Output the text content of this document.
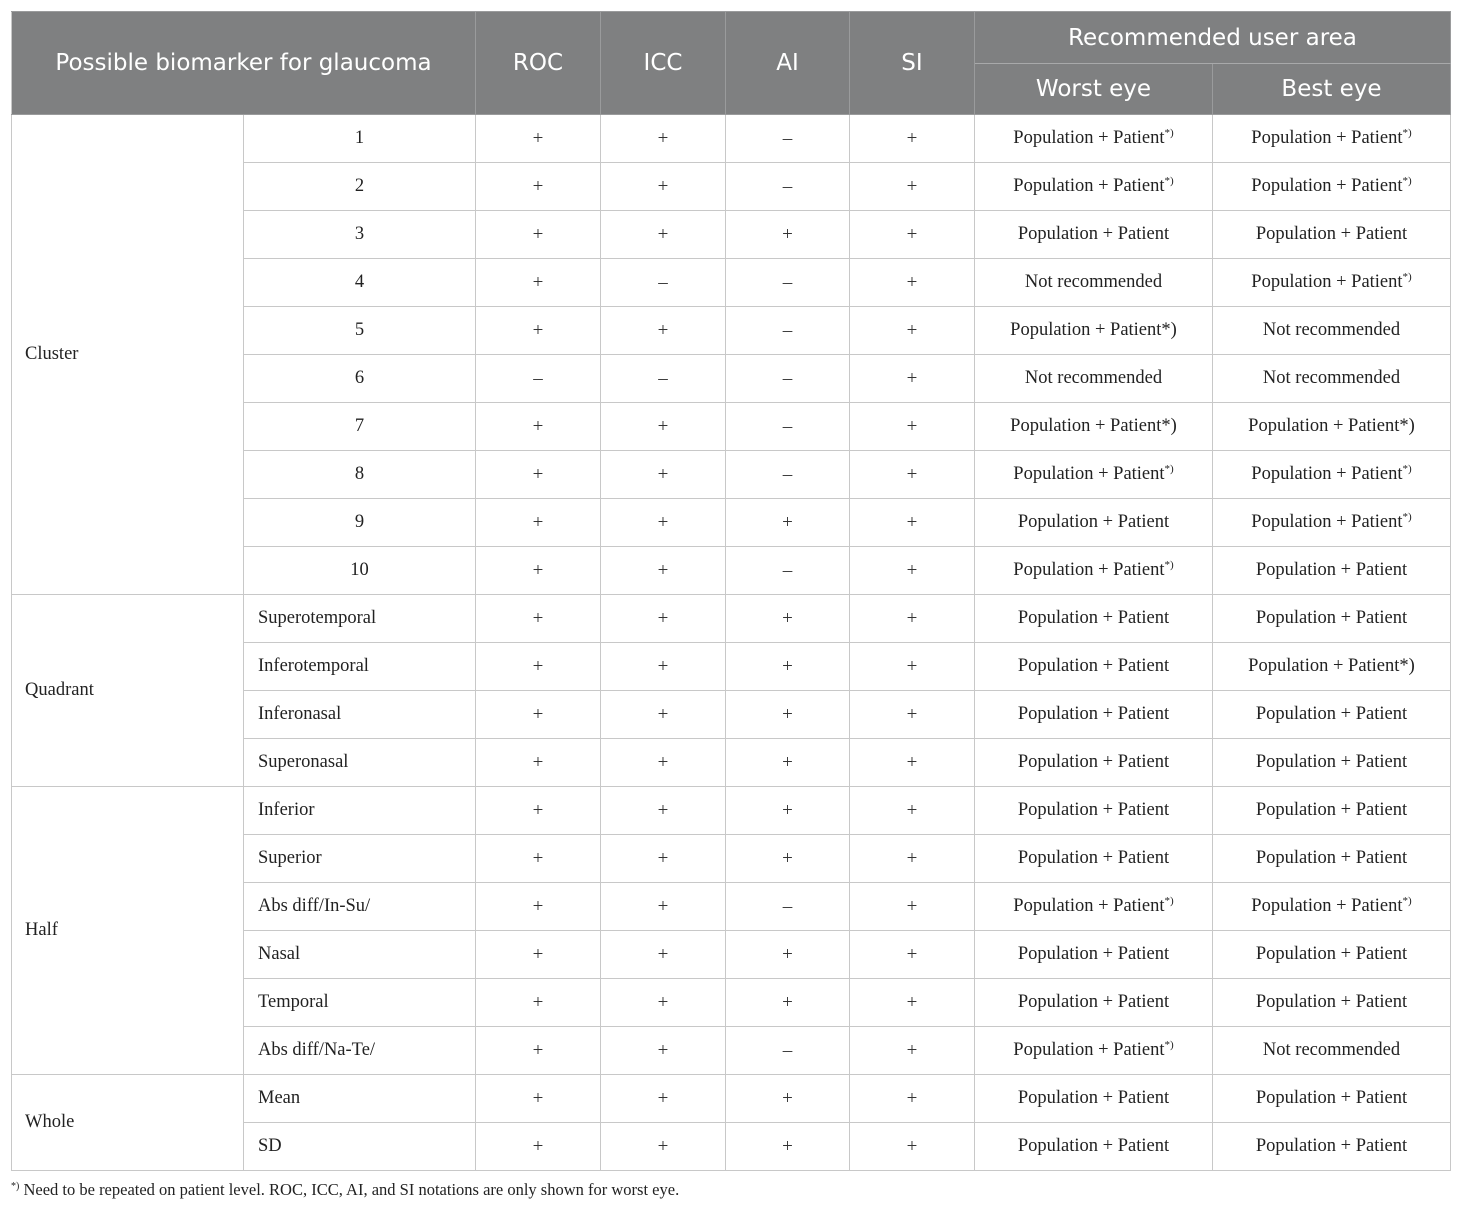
Possible biomarker for glaucoma		ROC	ICC	AI	SI	Recommended user area	
						Worst eye	Best eye
Cluster	1	+	+	–	+	Population + Patient*)	Population + Patient*)
	2	+	+	–	+	Population + Patient*)	Population + Patient*)
	3	+	+	+	+	Population + Patient	Population + Patient
	4	+	–	–	+	Not recommended	Population + Patient*)
	5	+	+	–	+	Population + Patient*)	Not recommended
	6	–	–	–	+	Not recommended	Not recommended
	7	+	+	–	+	Population + Patient*)	Population + Patient*)
	8	+	+	–	+	Population + Patient*)	Population + Patient*)
	9	+	+	+	+	Population + Patient	Population + Patient*)
	10	+	+	–	+	Population + Patient*)	Population + Patient
Quadrant	Superotemporal	+	+	+	+	Population + Patient	Population + Patient
	Inferotemporal	+	+	+	+	Population + Patient	Population + Patient*)
	Inferonasal	+	+	+	+	Population + Patient	Population + Patient
	Superonasal	+	+	+	+	Population + Patient	Population + Patient
Half	Inferior	+	+	+	+	Population + Patient	Population + Patient
	Superior	+	+	+	+	Population + Patient	Population + Patient
	Abs diff/In-Su/	+	+	–	+	Population + Patient*)	Population + Patient*)
	Nasal	+	+	+	+	Population + Patient	Population + Patient
	Temporal	+	+	+	+	Population + Patient	Population + Patient
	Abs diff/Na-Te/	+	+	–	+	Population + Patient*)	Not recommended
Whole	Mean	+	+	+	+	Population + Patient	Population + Patient
	SD	+	+	+	+	Population + Patient	Population + Patient
*) Need to be repeated on patient level. ROC, ICC, AI, and SI notations are only shown for worst eye.
